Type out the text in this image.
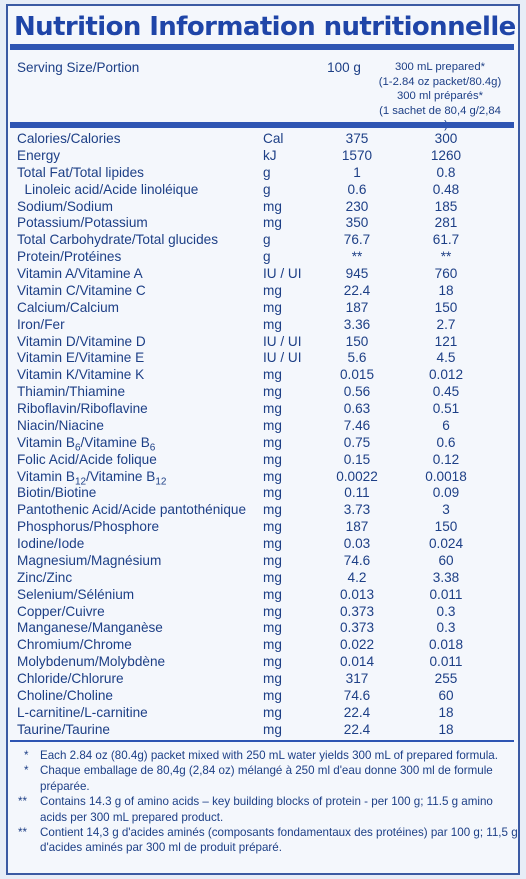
Nutrition Information nutritionnelle
Serving Size/Portion	100 g	300 mL prepared*
(1-2.84 oz packet/80.4g)
300 ml préparés*
(1 sachet de 80,4 g/2,84
Calories/Calories	Cal	375	300
Energy	kJ	1570	1260
Total Fat/Total lipides	g	1	0.8
Linoleic acid/Acide linoléique	g	0.6	0.48
Sodium/Sodium	mg	230	185
Potassium/Potassium	mg	350	281
Total Carbohydrate/Total glucides	g	76.7	61.7
Protein/Protéines	g	**	**
Vitamin A/Vitamine A	IU / UI	945	760
Vitamin C/Vitamine C	mg	22.4	18
Calcium/Calcium	mg	187	150
Iron/Fer	mg	3.36	2.7
Vitamin D/Vitamine D	IU / UI	150	121
Vitamin E/Vitamine E	IU / UI	5.6	4.5
Vitamin K/Vitamine K	mg	0.015	0.012
Thiamin/Thiamine	mg	0.56	0.45
Riboflavin/Riboflavine	mg	0.63	0.51
Niacin/Niacine	mg	7.46	6
Vitamin $B_6$/Vitamine $B_6$	mg	0.75	0.6
Folic Acid/Acide folique	mg	0.15	0.12
Vitamin $B_{12}$/Vitamine $B_{12}$	mg	0.0022	0.0018
Biotin/Biotine	mg	0.11	0.09
Pantothenic Acid/Acide pantothénique mg	3.73	3
Phosphorus/Phosphore	mg	187	150
Iodine/Iode	mg	0.03	0.024
Magnesium/Magnésium	mg	74.6	60
Zinc/Zinc	mg	4.2	3.38
Selenium/Sélénium	mg	0.013	0.011
Copper/Cuivre	mg	0.373	0.3
Manganese/Manganèse	mg	0.373	0.3
Chromium/Chrome	mg	0.022	0.018
Molybdenum/Molybdène	mg	0.014	0.011
Chloride/Chlorure	mg	317	255
Choline/Choline	mg	74.6	60
L-carnitine/L-carnitine	mg	22.4	18
Taurine/Taurine	mg	22.4	18
* Each 2.84 oz (80.4g) packet mixed with 250 mL water yields 300 mL of prepared formula.
* Chaque emballage de 80,4g (2,84 oz) mélangé à 250 ml d'eau donne 300 ml de formule préparée.
** Contains 14.3 g of amino acids – key building blocks of protein - per 100 g; 11.5 g amino acids per 300 mL prepared product.
** Contient 14,3 g d'acides aminés (composants fondamentaux des protéines) par 100 g; 11,5 g d'acides aminés par 300 ml de produit préparé.
